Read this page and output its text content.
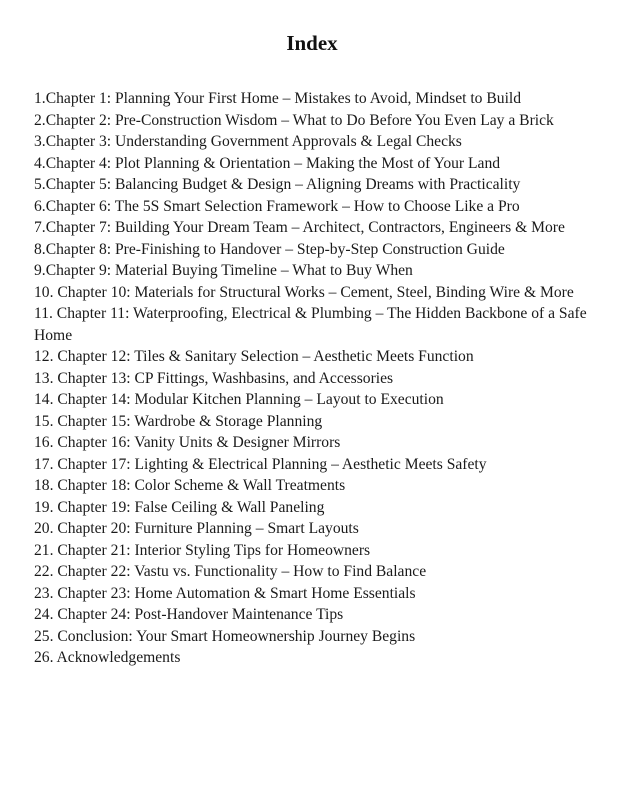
Index

1.Chapter 1: Planning Your First Home – Mistakes to Avoid, Mindset to Build

2.Chapter 2: Pre-Construction Wisdom – What to Do Before You Even Lay a Brick

3.Chapter 3: Understanding Government Approvals & Legal Checks

4.Chapter 4: Plot Planning & Orientation – Making the Most of Your Land

5.Chapter 5: Balancing Budget & Design – Aligning Dreams with Practicality

6.Chapter 6: The 5S Smart Selection Framework – How to Choose Like a Pro

7.Chapter 7: Building Your Dream Team – Architect, Contractors, Engineers & More

8.Chapter 8: Pre-Finishing to Handover – Step-by-Step Construction Guide

9.Chapter 9: Material Buying Timeline – What to Buy When

10. Chapter 10: Materials for Structural Works – Cement, Steel, Binding Wire & More

11. Chapter 11: Waterproofing, Electrical & Plumbing – The Hidden Backbone of a Safe Home

12. Chapter 12: Tiles & Sanitary Selection – Aesthetic Meets Function

13. Chapter 13: CP Fittings, Washbasins, and Accessories

14. Chapter 14: Modular Kitchen Planning – Layout to Execution

15. Chapter 15: Wardrobe & Storage Planning

16. Chapter 16: Vanity Units & Designer Mirrors

17. Chapter 17: Lighting & Electrical Planning – Aesthetic Meets Safety

18. Chapter 18: Color Scheme & Wall Treatments

19. Chapter 19: False Ceiling & Wall Paneling

20. Chapter 20: Furniture Planning – Smart Layouts

21. Chapter 21: Interior Styling Tips for Homeowners

22. Chapter 22: Vastu vs. Functionality – How to Find Balance

23. Chapter 23: Home Automation & Smart Home Essentials

24. Chapter 24: Post-Handover Maintenance Tips

25. Conclusion: Your Smart Homeownership Journey Begins

26. Acknowledgements
